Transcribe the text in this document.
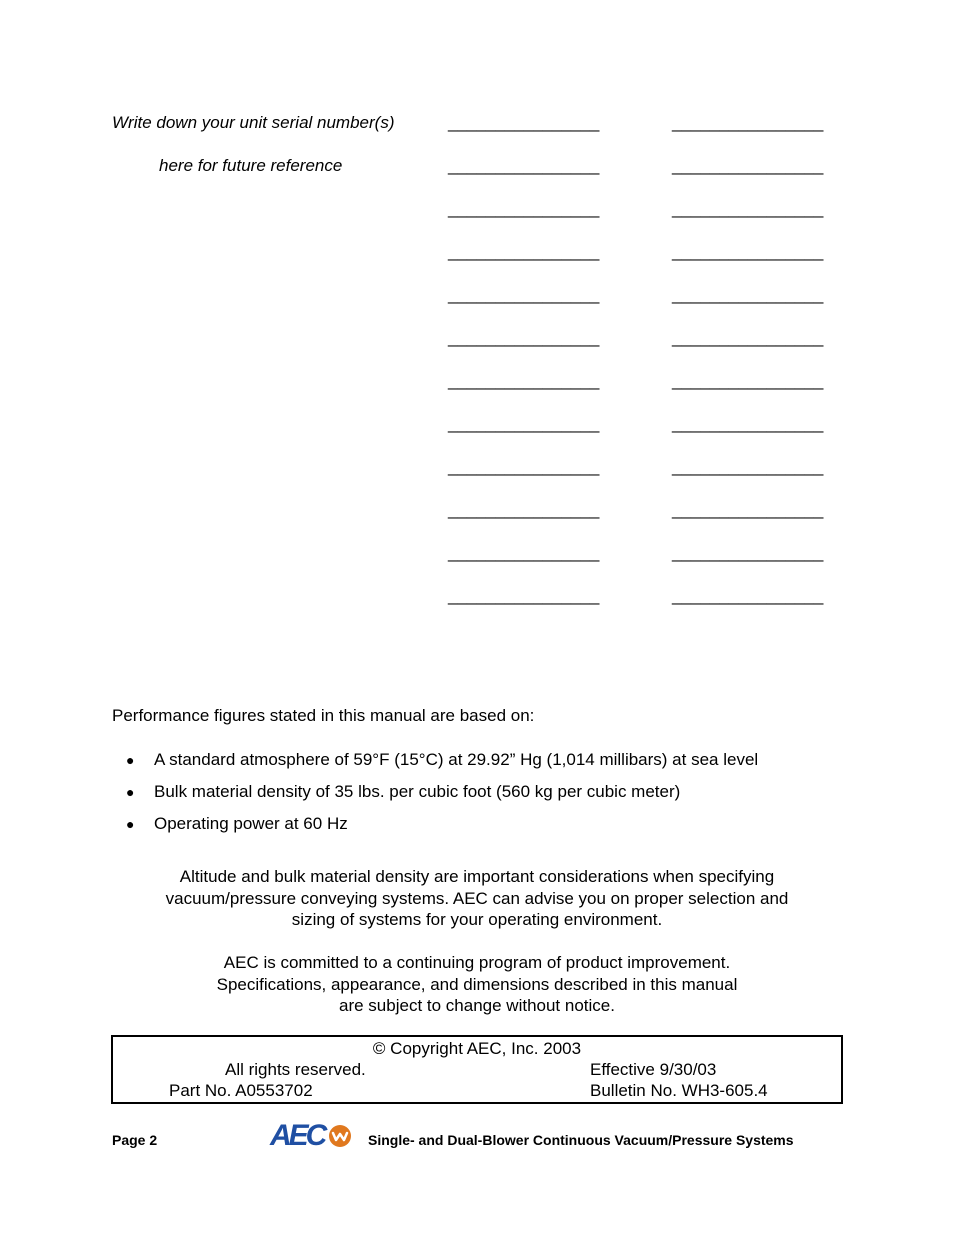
Write down your unit serial number(s)
here for future reference
________________	________________
________________	________________
________________	________________
________________	________________
________________	________________
________________	________________
________________	________________
________________	________________
________________	________________
________________	________________
________________	________________
________________	________________
Performance figures stated in this manual are based on:
●	A standard atmosphere of 59°F (15°C) at 29.92” Hg (1,014 millibars) at sea level
●	Bulk material density of 35 lbs. per cubic foot (560 kg per cubic meter)
●	Operating power at 60 Hz
Altitude and bulk material density are important considerations when specifying
vacuum/pressure conveying systems. AEC can advise you on proper selection and
sizing of systems for your operating environment.
AEC is committed to a continuing program of product improvement.
Specifications, appearance, and dimensions described in this manual
are subject to change without notice.
© Copyright AEC, Inc. 2003
All rights reserved.	Effective 9/30/03
Part No. A0553702	Bulletin No. WH3-605.4
Page 2	AEC	Single- and Dual-Blower Continuous Vacuum/Pressure Systems
